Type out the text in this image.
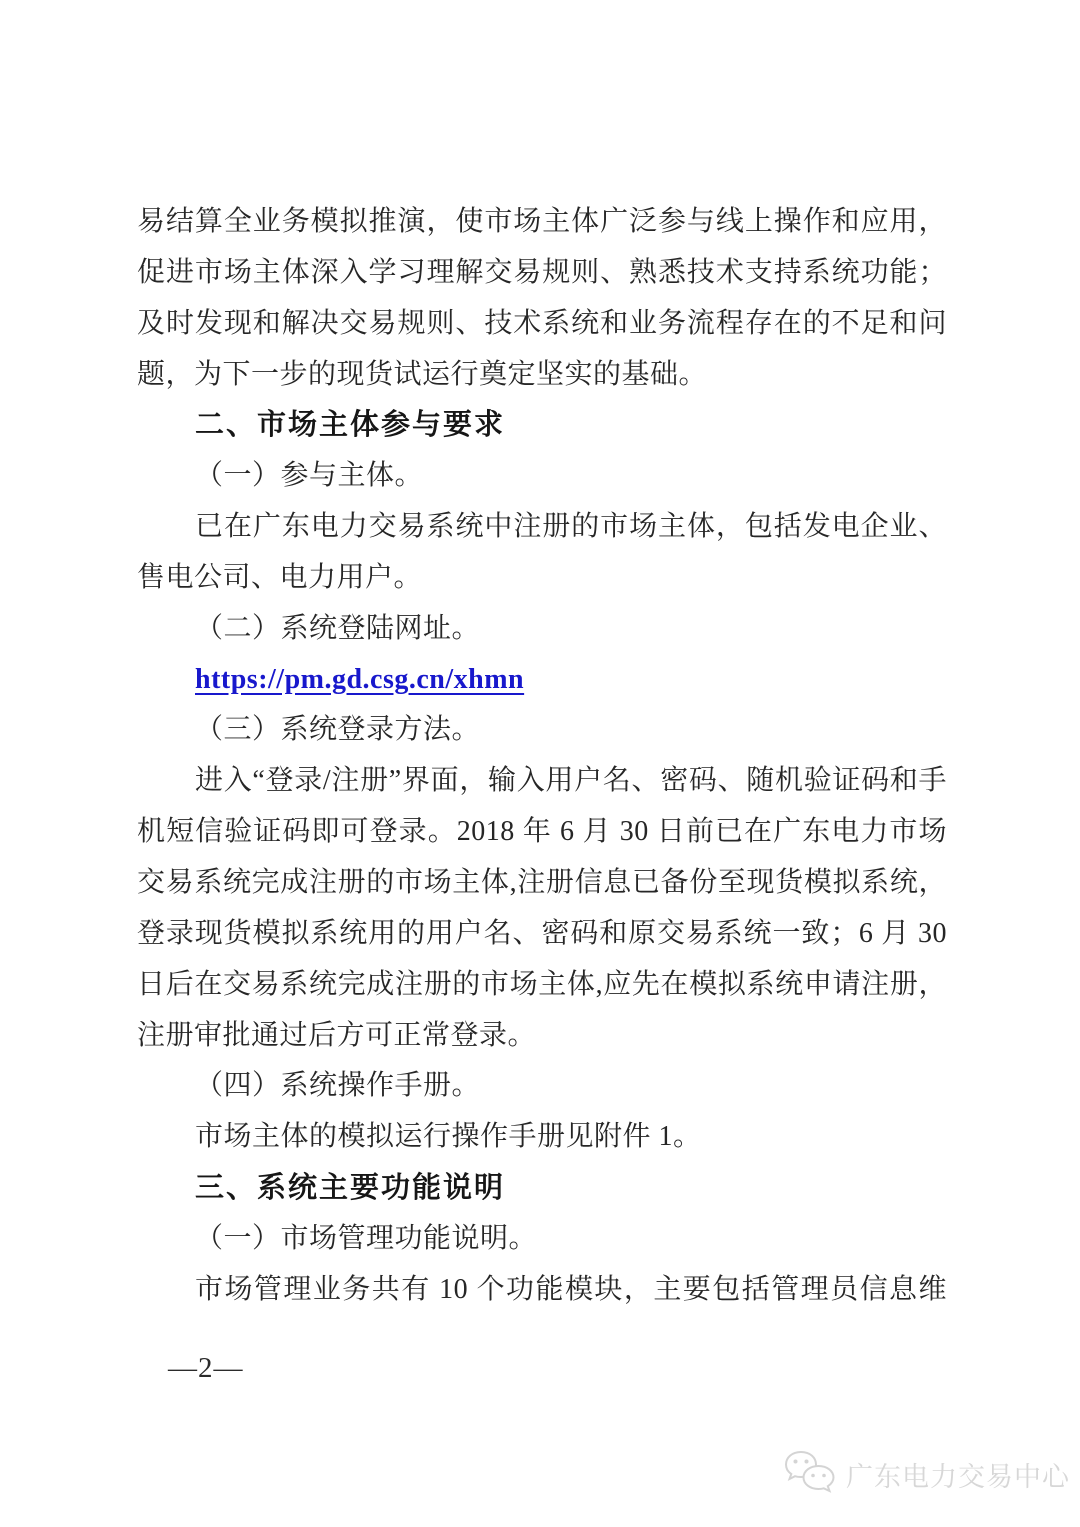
易结算全业务模拟推演，使市场主体广泛参与线上操作和应用，
促进市场主体深入学习理解交易规则、熟悉技术支持系统功能；
及时发现和解决交易规则、技术系统和业务流程存在的不足和问
题，为下一步的现货试运行奠定坚实的基础。
二、市场主体参与要求
（一）参与主体。
已在广东电力交易系统中注册的市场主体，包括发电企业、
售电公司、电力用户。
（二）系统登陆网址。
https://pm.gd.csg.cn/xhmn
（三）系统登录方法。
进入“登录/注册”界面，输入用户名、密码、随机验证码和手
机短信验证码即可登录。2018 年 6 月 30 日前已在广东电力市场
交易系统完成注册的市场主体,注册信息已备份至现货模拟系统，
登录现货模拟系统用的用户名、密码和原交易系统一致；6 月 30
日后在交易系统完成注册的市场主体,应先在模拟系统申请注册，
注册审批通过后方可正常登录。
（四）系统操作手册。
市场主体的模拟运行操作手册见附件 1。
三、系统主要功能说明
（一）市场管理功能说明。
市场管理业务共有 10 个功能模块，主要包括管理员信息维
—2—
广东电力交易中心
